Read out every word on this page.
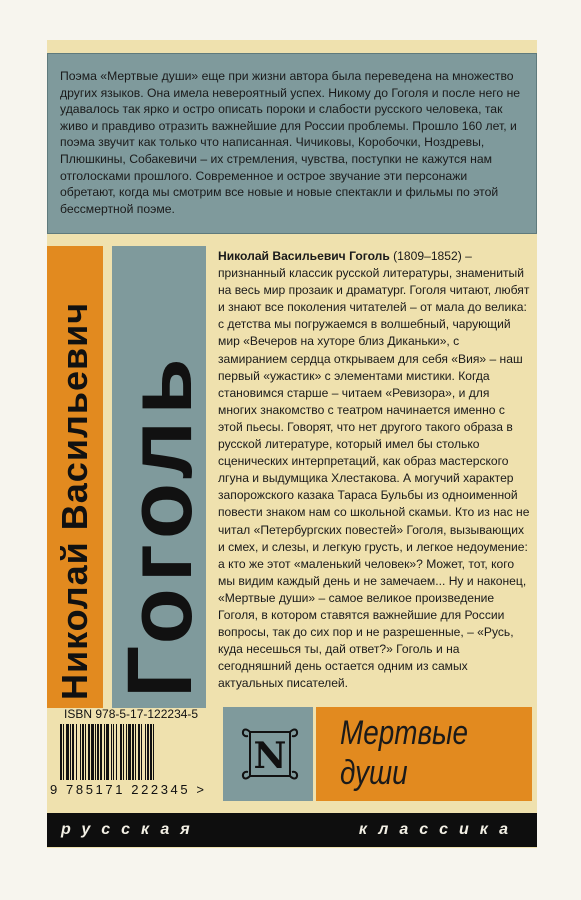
Поэма «Мертвые души» еще при жизни автора была переведена на множество других языков. Она имела невероятный успех. Никому до Гоголя и после него не удавалось так ярко и остро описать пороки и слабости русского человека, так живо и правдиво отразить важнейшие для России проблемы. Прошло 160 лет, и поэма звучит как только что написанная. Чичиковы, Коробочки, Ноздревы, Плюшкины, Собакевичи – их стремления, чувства, поступки не кажутся нам отголосками прошлого. Современное и острое звучание эти персонажи обретают, когда мы смотрим все новые и новые спектакли и фильмы по этой бессмертной поэме.

Николай Васильевич Гоголь

Николай Васильевич Гоголь (1809–1852) – признанный классик русской литературы, знаменитый на весь мир прозаик и драматург. Гоголя читают, любят и знают все поколения читателей – от мала до велика: с детства мы погружаемся в волшебный, чарующий мир «Вечеров на хуторе близ Диканьки», с замиранием сердца открываем для себя «Вия» – наш первый «ужастик» с элементами мистики. Когда становимся старше – читаем «Ревизора», и для многих знакомство с театром начинается именно с этой пьесы. Говорят, что нет другого такого образа в русской литературе, который имел бы столько сценических интерпретаций, как образ мастерского лгуна и выдумщика Хлестакова. А могучий характер запорожского казака Тараса Бульбы из одноименной повести знаком нам со школьной скамьи. Кто из нас не читал «Петербургских повестей» Гоголя, вызывающих и смех, и слезы, и легкую грусть, и легкое недоумение: а кто же этот «маленький человек»? Может, тот, кого мы видим каждый день и не замечаем... Ну и наконец, «Мертвые души» – самое великое произведение Гоголя, в котором ставятся важнейшие для России вопросы, так до сих пор и не разрешенные, – «Русь, куда несешься ты, дай ответ?» Гоголь и на сегодняшний день остается одним из самых актуальных писателей.

ISBN 978-5-17-122234-5
9 785171 222345 >
N
Мертвые
души
русская	классика
